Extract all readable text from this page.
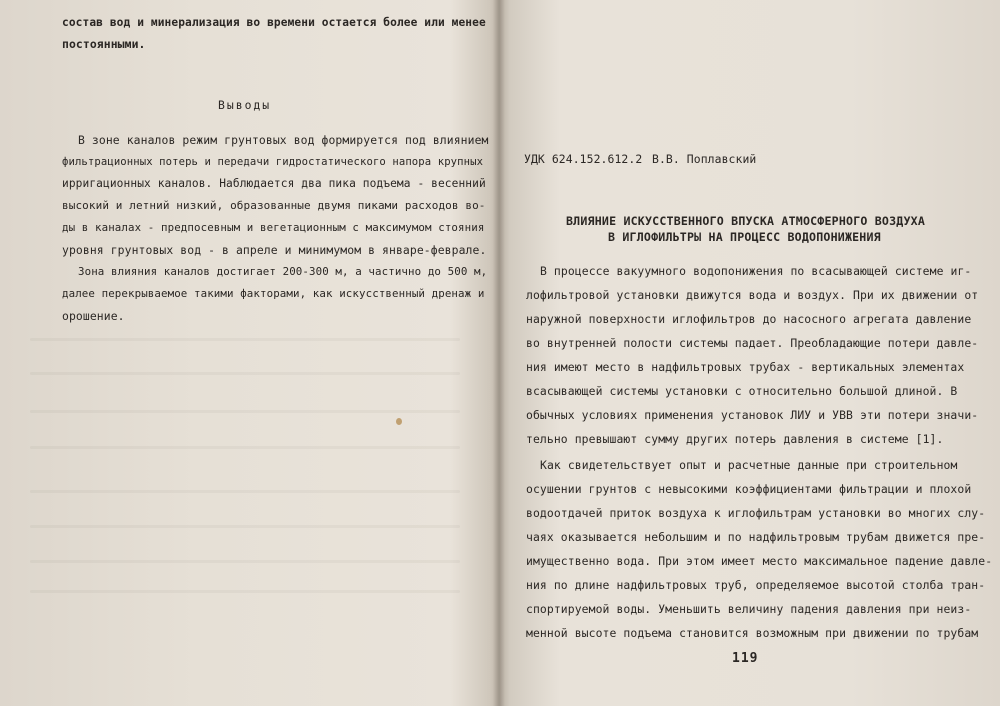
состав вод и минерализация во времени остается более или менее
постоянными.
Выводы
В зоне каналов режим грунтовых вод формируется под влиянием
фильтрационных потерь и передачи гидростатического напора крупных
ирригационных каналов. Наблюдается два пика подъема - весенний
высокий и летний низкий, образованные двумя пиками расходов во-
ды в каналах - предпосевным и вегетационным с максимумом стояния
уровня грунтовых вод - в апреле и минимумом в январе-феврале.
Зона влияния каналов достигает 200-300 м, а частично до 500 м,
далее перекрываемое такими факторами, как искусственный дренаж и
орошение.
УДК 624.152.612.2 В.В. Поплавский
ВЛИЯНИЕ ИСКУССТВЕННОГО ВПУСКА АТМОСФЕРНОГО ВОЗДУХА
В ИГЛОФИЛЬТРЫ НА ПРОЦЕСС ВОДОПОНИЖЕНИЯ
В процессе вакуумного водопонижения по всасывающей системе иг-
лофильтровой установки движутся вода и воздух. При их движении от
наружной поверхности иглофильтров до насосного агрегата давление
во внутренней полости системы падает. Преобладающие потери давле-
ния имеют место в надфильтровых трубах - вертикальных элементах
всасывающей системы установки с относительно большой длиной. В
обычных условиях применения установок ЛИУ и УВВ эти потери значи-
тельно превышают сумму других потерь давления в системе [1].
Как свидетельствует опыт и расчетные данные при строительном
осушении грунтов с невысокими коэффициентами фильтрации и плохой
водоотдачей приток воздуха к иглофильтрам установки во многих слу-
чаях оказывается небольшим и по надфильтровым трубам движется пре-
имущественно вода. При этом имеет место максимальное падение давле-
ния по длине надфильтровых труб, определяемое высотой столба тран-
спортируемой воды. Уменьшить величину падения давления при неиз-
менной высоте подъема становится возможным при движении по трубам
119
